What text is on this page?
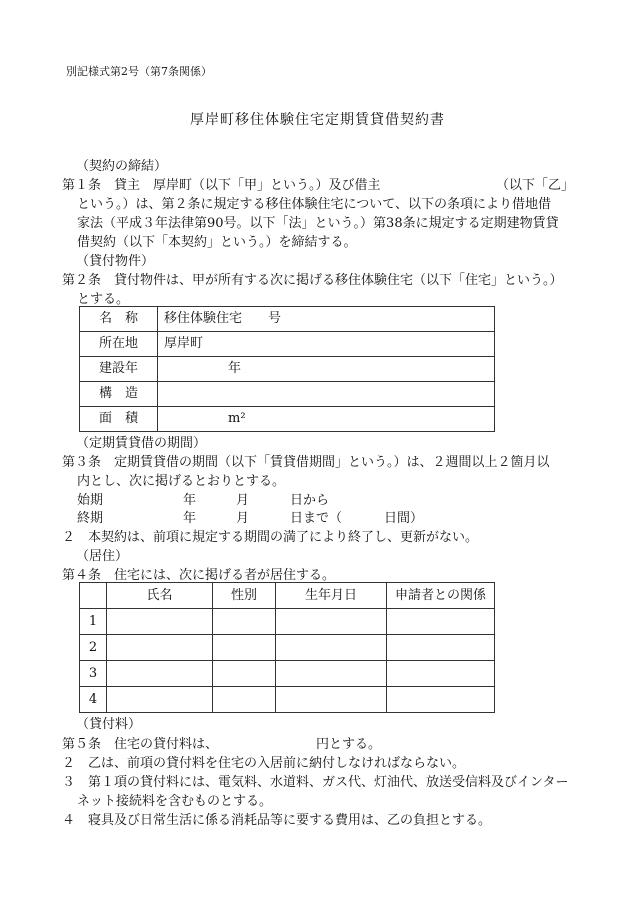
別記様式第2号（第7条関係）
厚岸町移住体験住宅定期賃貸借契約書
（契約の締結）
第１条　貸主　厚岸町（以下「甲」という。）及び借主	（以下「乙」
という。）は、第２条に規定する移住体験住宅について、以下の条項により借地借
家法（平成３年法律第90号。以下「法」という。）第38条に規定する定期建物賃貸
借契約（以下「本契約」という。）を締結する。
（貸付物件）
第２条　貸付物件は、甲が所有する次に掲げる移住体験住宅（以下「住宅」という。）
とする。
名　称	移住体験住宅　　号
所在地	厚岸町
建設年	年
構　造	
面　積	m²
（定期賃貸借の期間）
第３条　定期賃貸借の期間（以下「賃貸借期間」という。）は、２週間以上２箇月以
内とし、次に掲げるとおりとする。
始期	年	月	日から
終期	年	月	日まで（	日間）
２　本契約は、前項に規定する期間の満了により終了し、更新がない。
（居住）
第４条　住宅には、次に掲げる者が居住する。
	氏名	性別	生年月日	申請者との関係
1				
2				
3				
4				
（貸付料）
第５条　住宅の貸付料は、	円とする。
２　乙は、前項の貸付料を住宅の入居前に納付しなければならない。
３　第１項の貸付料には、電気料、水道料、ガス代、灯油代、放送受信料及びインター
ネット接続料を含むものとする。
４　寝具及び日常生活に係る消耗品等に要する費用は、乙の負担とする。
